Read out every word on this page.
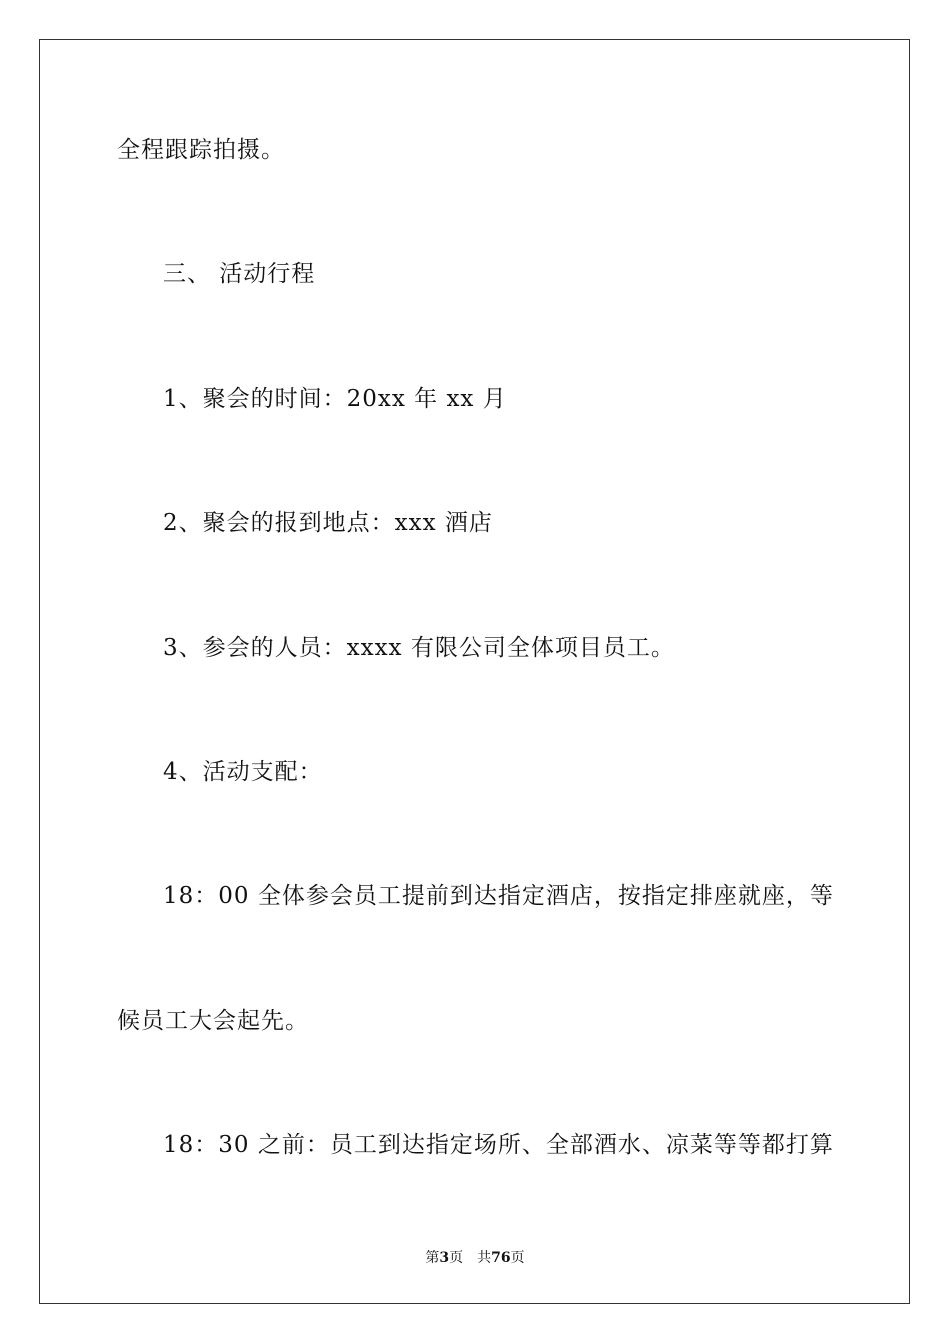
全程跟踪拍摄。
三、 活动行程
1、聚会的时间：20xx 年 xx 月
2、聚会的报到地点：xxx 酒店
3、参会的人员：xxxx 有限公司全体项目员工。
4、活动支配：
18：00 全体参会员工提前到达指定酒店，按指定排座就座，等
候员工大会起先。
18：30 之前：员工到达指定场所、全部酒水、凉菜等等都打算
第3页　共76页
